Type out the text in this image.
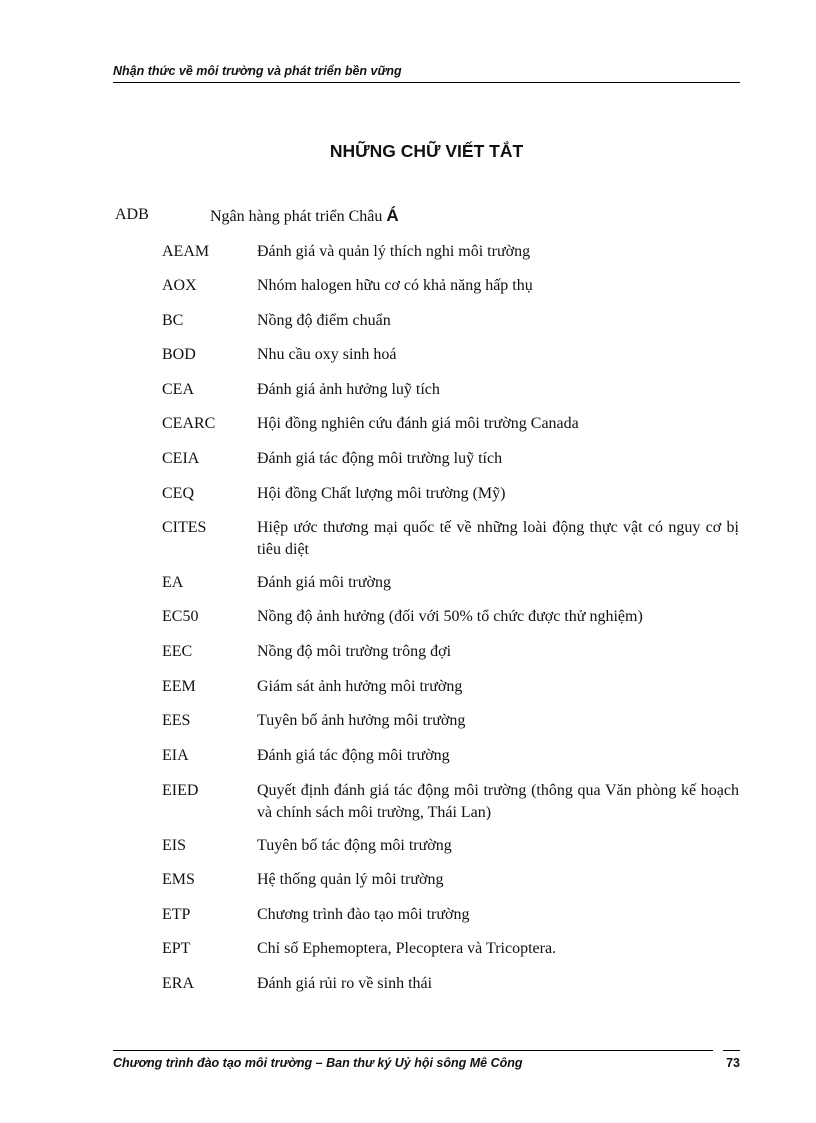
Nhận thức về môi trường và phát triển bền vững
NHỮNG CHỮ VIẾT TẮT
ADB	Ngân hàng phát triển Châu Á
AEAM	Đánh giá và quản lý thích nghi môi trường
AOX	Nhóm halogen hữu cơ có khả năng hấp thụ
BC	Nồng độ điểm chuẩn
BOD	Nhu cầu oxy sinh hoá
CEA	Đánh giá ảnh hưởng luỹ tích
CEARC	Hội đồng nghiên cứu đánh giá môi trường Canada
CEIA	Đánh giá tác động môi trường luỹ tích
CEQ	Hội đồng Chất lượng môi trường (Mỹ)
CITES	Hiệp ước thương mại quốc tế về những loài động thực vật có nguy cơ bị tiêu diệt
EA	Đánh giá môi trường
EC50	Nồng độ ảnh hưởng (đối với 50% tổ chức được thử nghiệm)
EEC	Nồng độ môi trường trông đợi
EEM	Giám sát ảnh hưởng môi trường
EES	Tuyên bố ảnh hưởng môi trường
EIA	Đánh giá tác động môi trường
EIED	Quyết định đánh giá tác động môi trường (thông qua Văn phòng kế hoạch và chính sách môi trường, Thái Lan)
EIS	Tuyên bố tác động môi trường
EMS	Hệ thống quản lý môi trường
ETP	Chương trình đào tạo môi trường
EPT	Chỉ số Ephemoptera, Plecoptera và Tricoptera.
ERA	Đánh giá rủi ro về sinh thái
Chương trình đào tạo môi trường – Ban thư ký Uỷ hội sông Mê Công	73
